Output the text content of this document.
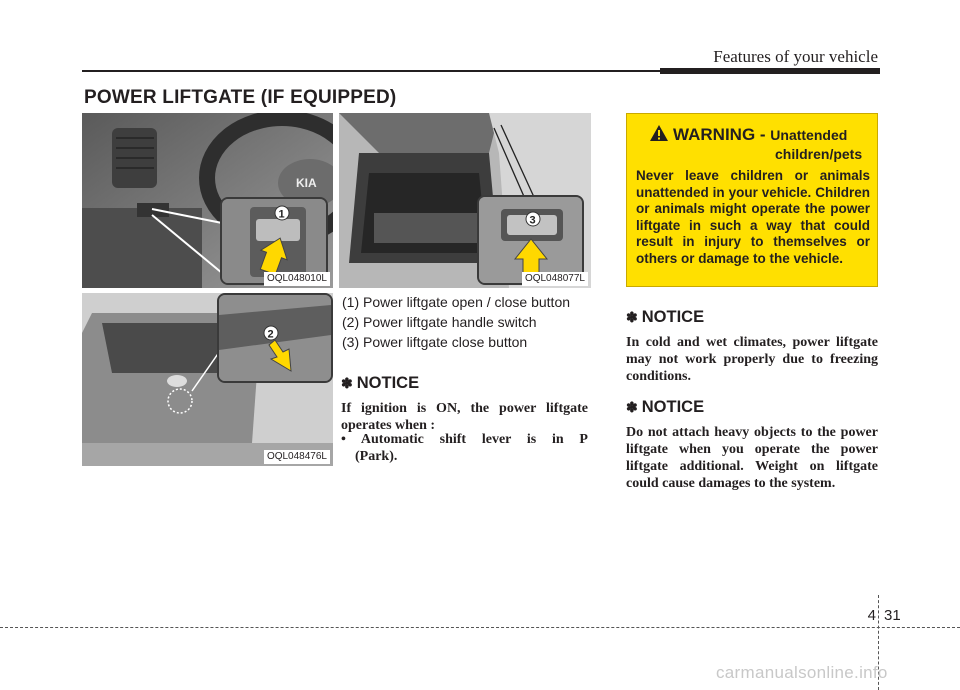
Features of your vehicle
POWER LIFTGATE (IF EQUIPPED)
KIA
1
OQL048010L
3
OQL048077L
2
OQL048476L
(1) Power liftgate open / close button
(2) Power liftgate handle switch
(3) Power liftgate close button
✽ NOTICE
If ignition is ON, the power liftgate operates when :
• Automatic shift lever is in P
(Park).
WARNING - Unattended
children/pets
Never leave children or animals unattended in your vehicle. Children or animals might operate the power liftgate in such a way that could result in injury to themselves or others or damage to the vehicle.
✽ NOTICE
In cold and wet climates, power liftgate may not work properly due to freezing conditions.
✽ NOTICE
Do not attach heavy objects to the power liftgate when you operate the power liftgate additional. Weight on liftgate could cause damages to the system.
4 31
carmanualsonline.info
